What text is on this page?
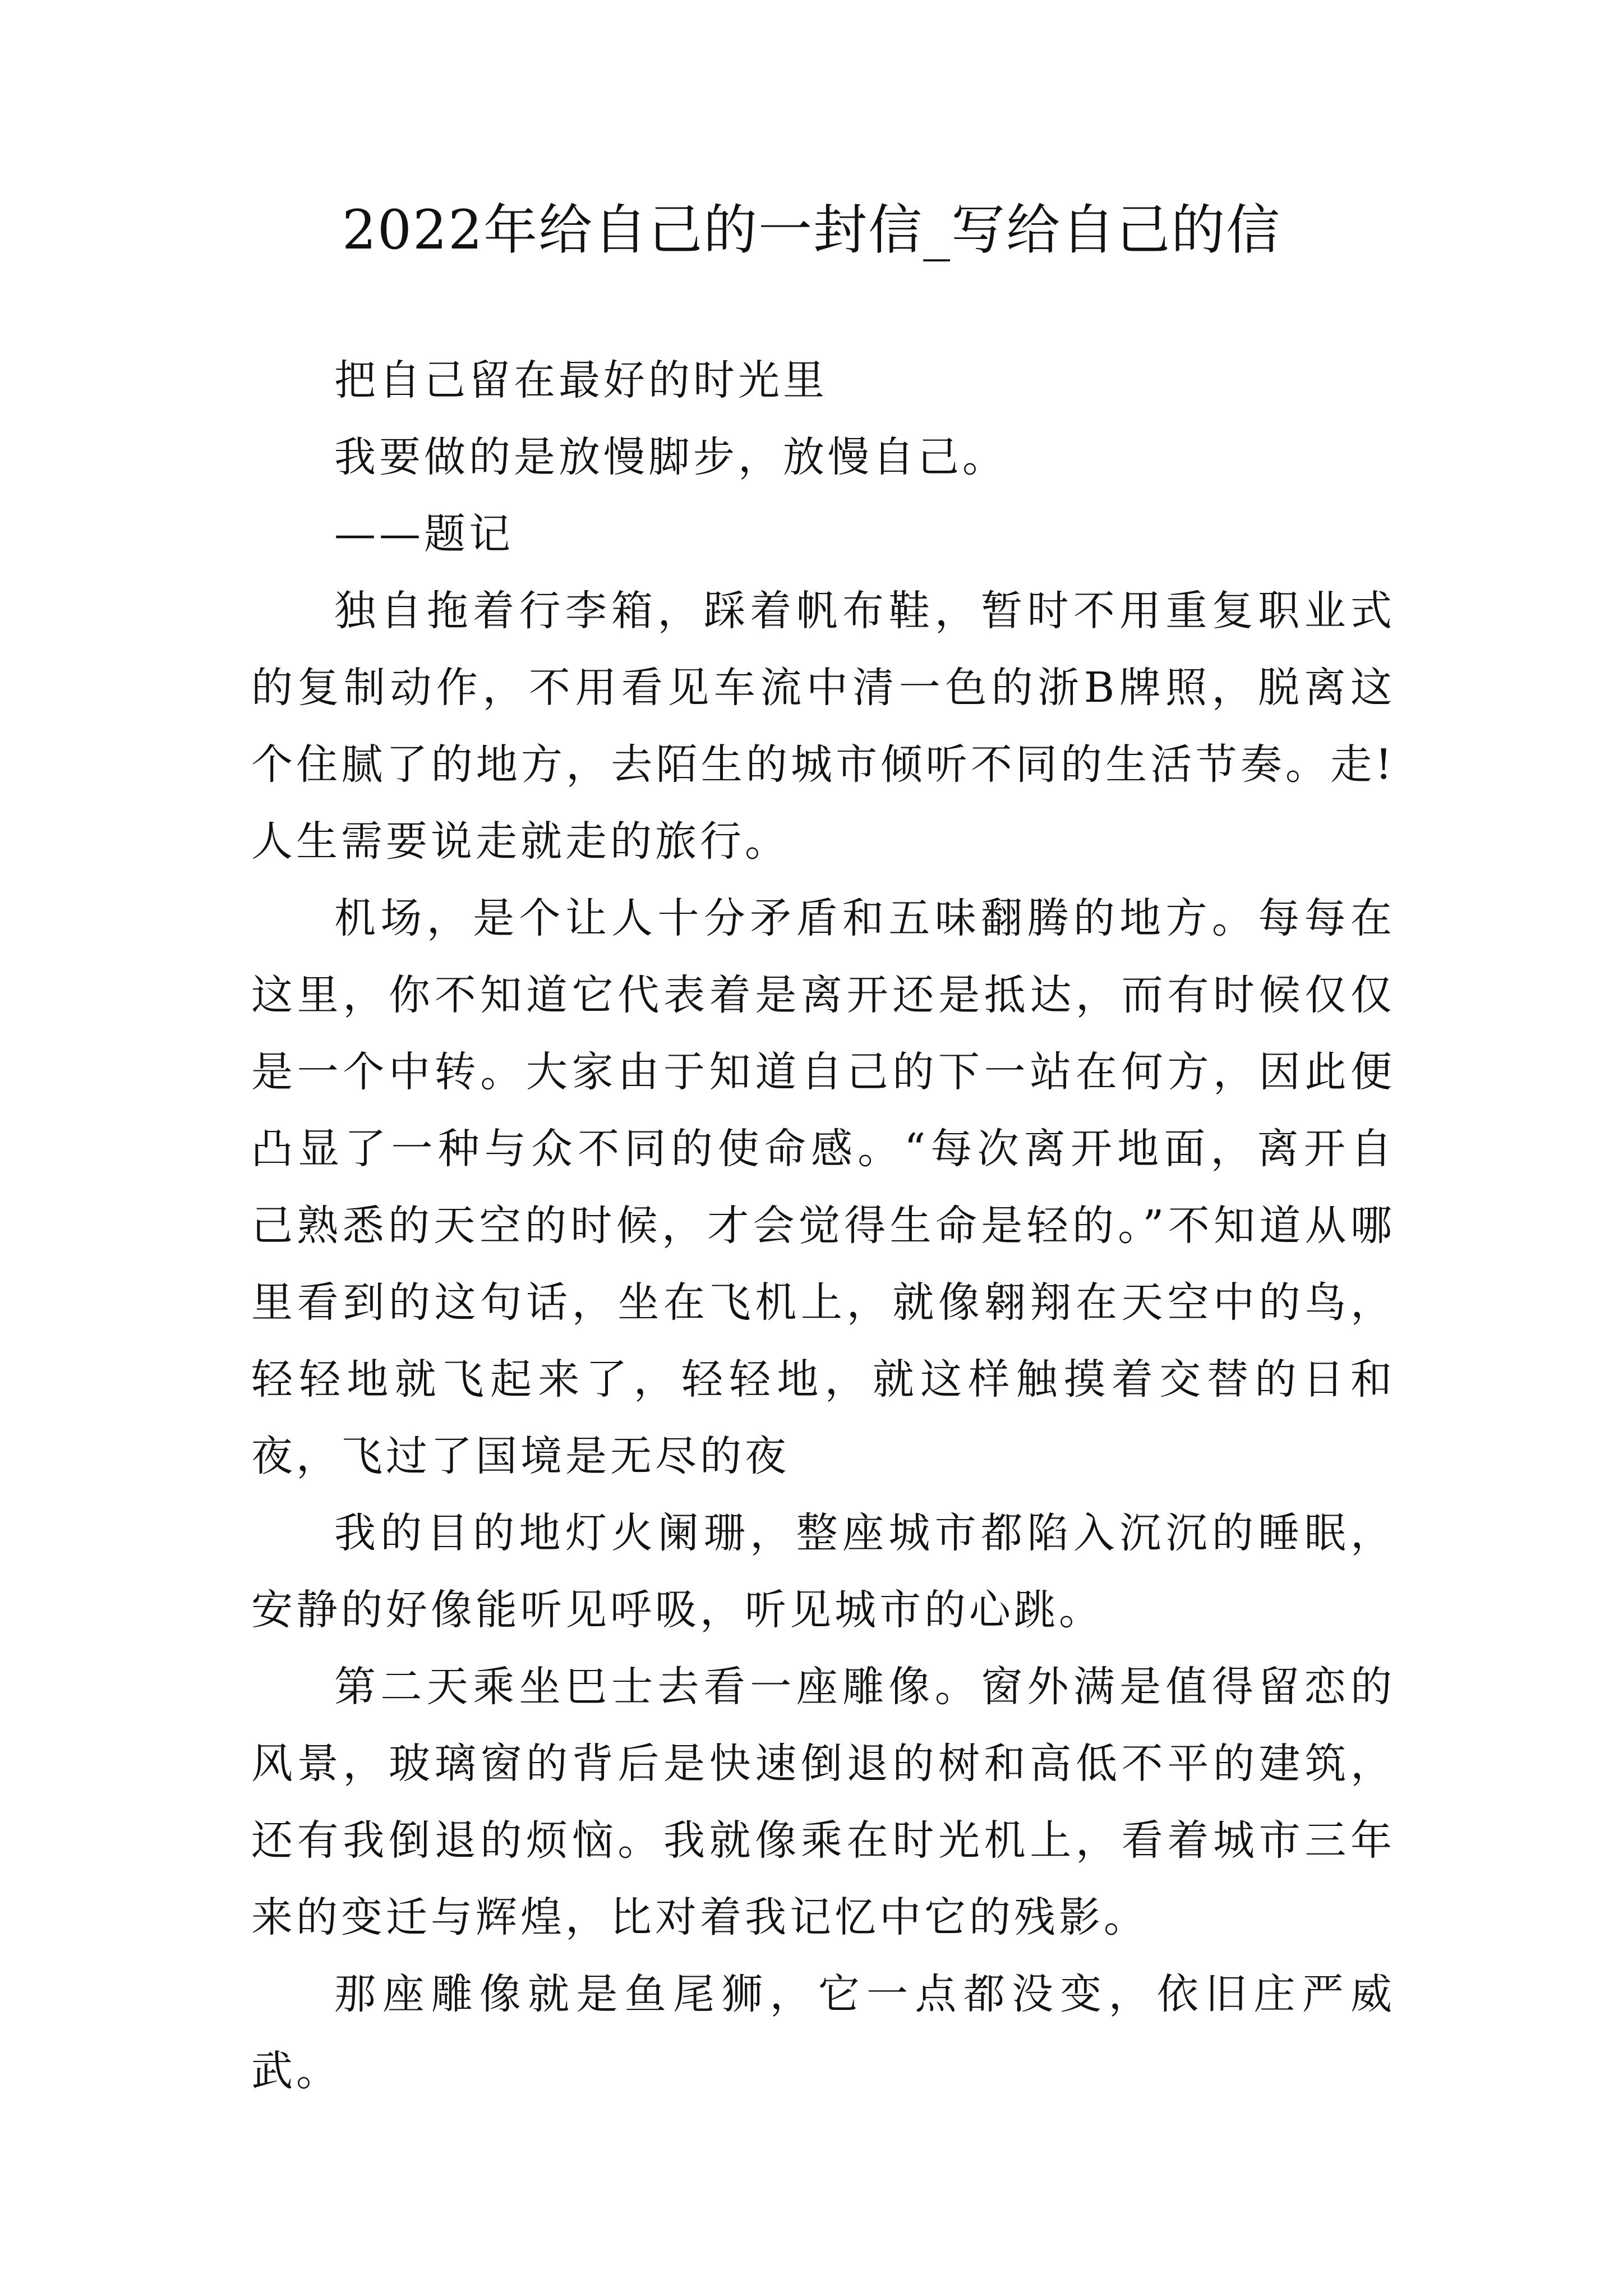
2022年给自己的一封信_写给自己的信

把自己留在最好的时光里

我要做的是放慢脚步，放慢自己。

——题记

独自拖着行李箱，踩着帆布鞋，暂时不用重复职业式的复制动作，不用看见车流中清一色的浙B牌照，脱离这个住腻了的地方，去陌生的城市倾听不同的生活节奏。走!人生需要说走就走的旅行。

机场，是个让人十分矛盾和五味翻腾的地方。每每在这里，你不知道它代表着是离开还是抵达，而有时候仅仅是一个中转。大家由于知道自己的下一站在何方，因此便凸显了一种与众不同的使命感。“每次离开地面，离开自己熟悉的天空的时候，才会觉得生命是轻的。”不知道从哪里看到的这句话，坐在飞机上，就像翱翔在天空中的鸟，轻轻地就飞起来了，轻轻地，就这样触摸着交替的日和夜，飞过了国境是无尽的夜

我的目的地灯火阑珊，整座城市都陷入沉沉的睡眠，安静的好像能听见呼吸，听见城市的心跳。

第二天乘坐巴士去看一座雕像。窗外满是值得留恋的风景，玻璃窗的背后是快速倒退的树和高低不平的建筑，还有我倒退的烦恼。我就像乘在时光机上，看着城市三年来的变迁与辉煌，比对着我记忆中它的残影。

那座雕像就是鱼尾狮，它一点都没变，依旧庄严威武。
